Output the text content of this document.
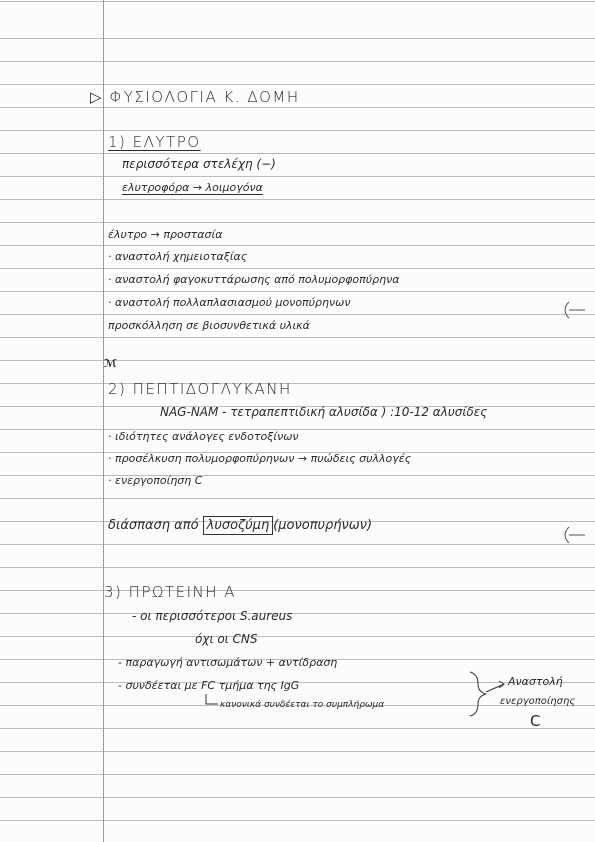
▷ ΦΥΣΙΟΛΟΓΙΑ Κ. ΔΟΜΗ
1) ΕΛΥΤΡΟ
περισσότερα στελέχη (−)
ελυτροφόρα → λοιμογόνα
έλυτρο → προστασία
· αναστολή χημειοταξίας
· αναστολή φαγοκυττάρωσης από πολυμορφοπύρηνα
· αναστολή πολλαπλασιασμού μονοπύρηνων
προσκόλληση σε βιοσυνθετικά υλικά
ℳ
2) ΠΕΠΤΙΔΟΓΛΥΚΑΝΗ
NAG-NAM - τετραπεπτιδική αλυσίδα ) :10-12 αλυσίδες
· ιδιότητες ανάλογες ενδοτοξίνων
· προσέλκυση πολυμορφοπύρηνων → πυώδεις συλλογές
· ενεργοποίηση C
διάσπαση από λυσοζύμη (μονοπυρήνων)
3) ΠΡΩΤΕΙΝΗ Α
- οι περισσότεροι S.aureus
όχι οι CNS
- παραγωγή αντισωμάτων + αντίδραση
- συνδέεται με FC τμήμα της IgG
κανονικά συνδέεται το συμπλήρωμα
Αναστολή
ενεργοποίησης
C
